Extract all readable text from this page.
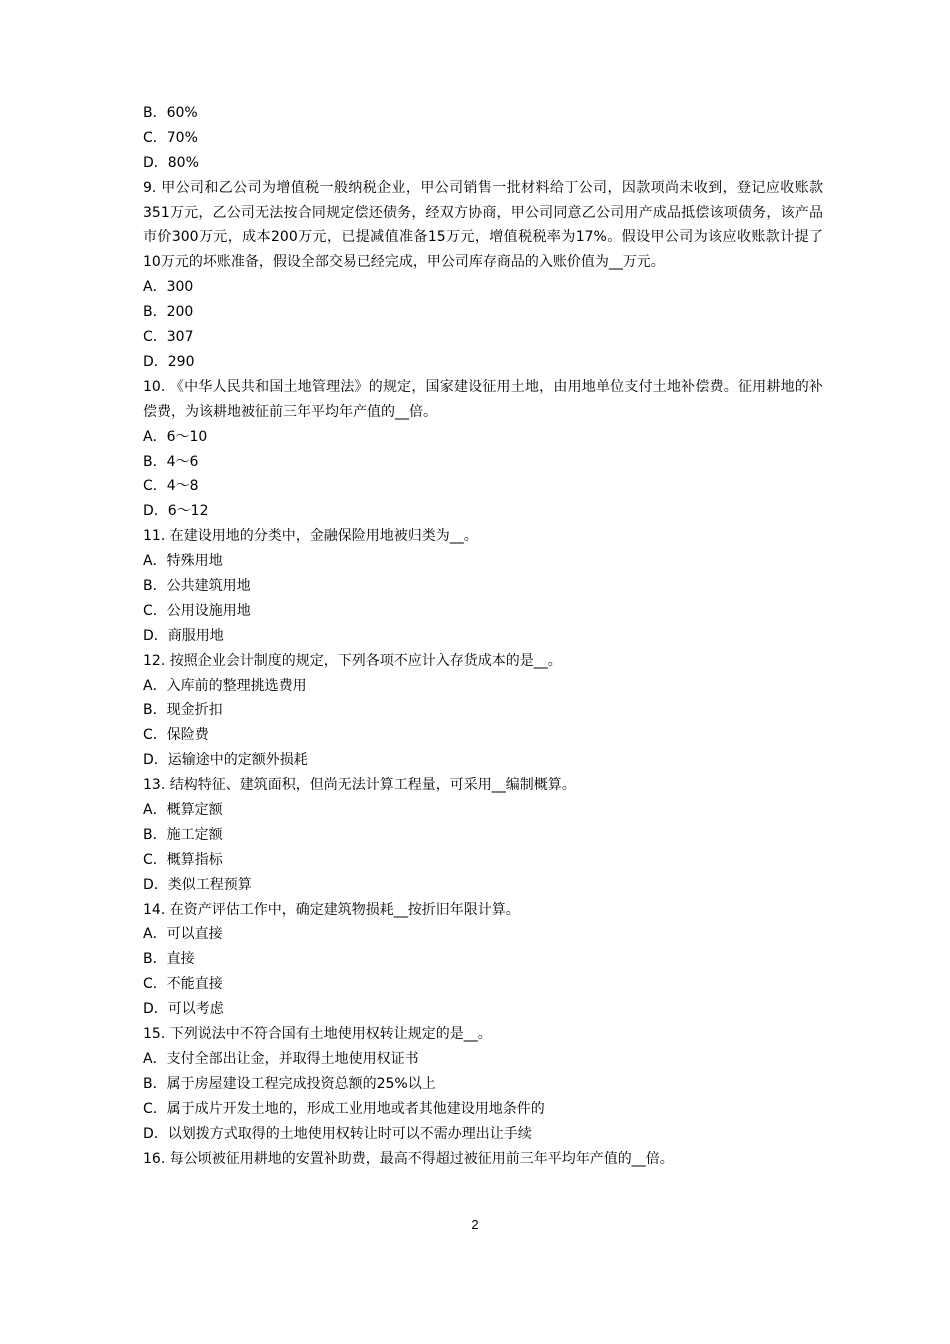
B．60%
C．70%
D．80%
9. 甲公司和乙公司为增值税一般纳税企业，甲公司销售一批材料给丁公司，因款项尚未收到，登记应收账款351万元，乙公司无法按合同规定偿还债务，经双方协商，甲公司同意乙公司用产成品抵偿该项债务，该产品市价300万元，成本200万元，已提减值准备15万元，增值税税率为17%。假设甲公司为该应收账款计提了10万元的坏账准备，假设全部交易已经完成，甲公司库存商品的入账价值为__万元。
A．300
B．200
C．307
D．290
10. 《中华人民共和国土地管理法》的规定，国家建设征用土地，由用地单位支付土地补偿费。征用耕地的补偿费，为该耕地被征前三年平均年产值的__倍。
A．6～10
B．4～6
C．4～8
D．6～12
11. 在建设用地的分类中，金融保险用地被归类为__。
A．特殊用地
B．公共建筑用地
C．公用设施用地
D．商服用地
12. 按照企业会计制度的规定，下列各项不应计入存货成本的是__。
A．入库前的整理挑选费用
B．现金折扣
C．保险费
D．运输途中的定额外损耗
13. 结构特征、建筑面积，但尚无法计算工程量，可采用__编制概算。
A．概算定额
B．施工定额
C．概算指标
D．类似工程预算
14. 在资产评估工作中，确定建筑物损耗__按折旧年限计算。
A．可以直接
B．直接
C．不能直接
D．可以考虑
15. 下列说法中不符合国有土地使用权转让规定的是__。
A．支付全部出让金，并取得土地使用权证书
B．属于房屋建设工程完成投资总额的25%以上
C．属于成片开发土地的，形成工业用地或者其他建设用地条件的
D．以划拨方式取得的土地使用权转让时可以不需办理出让手续
16. 每公顷被征用耕地的安置补助费，最高不得超过被征用前三年平均年产值的__倍。
2
